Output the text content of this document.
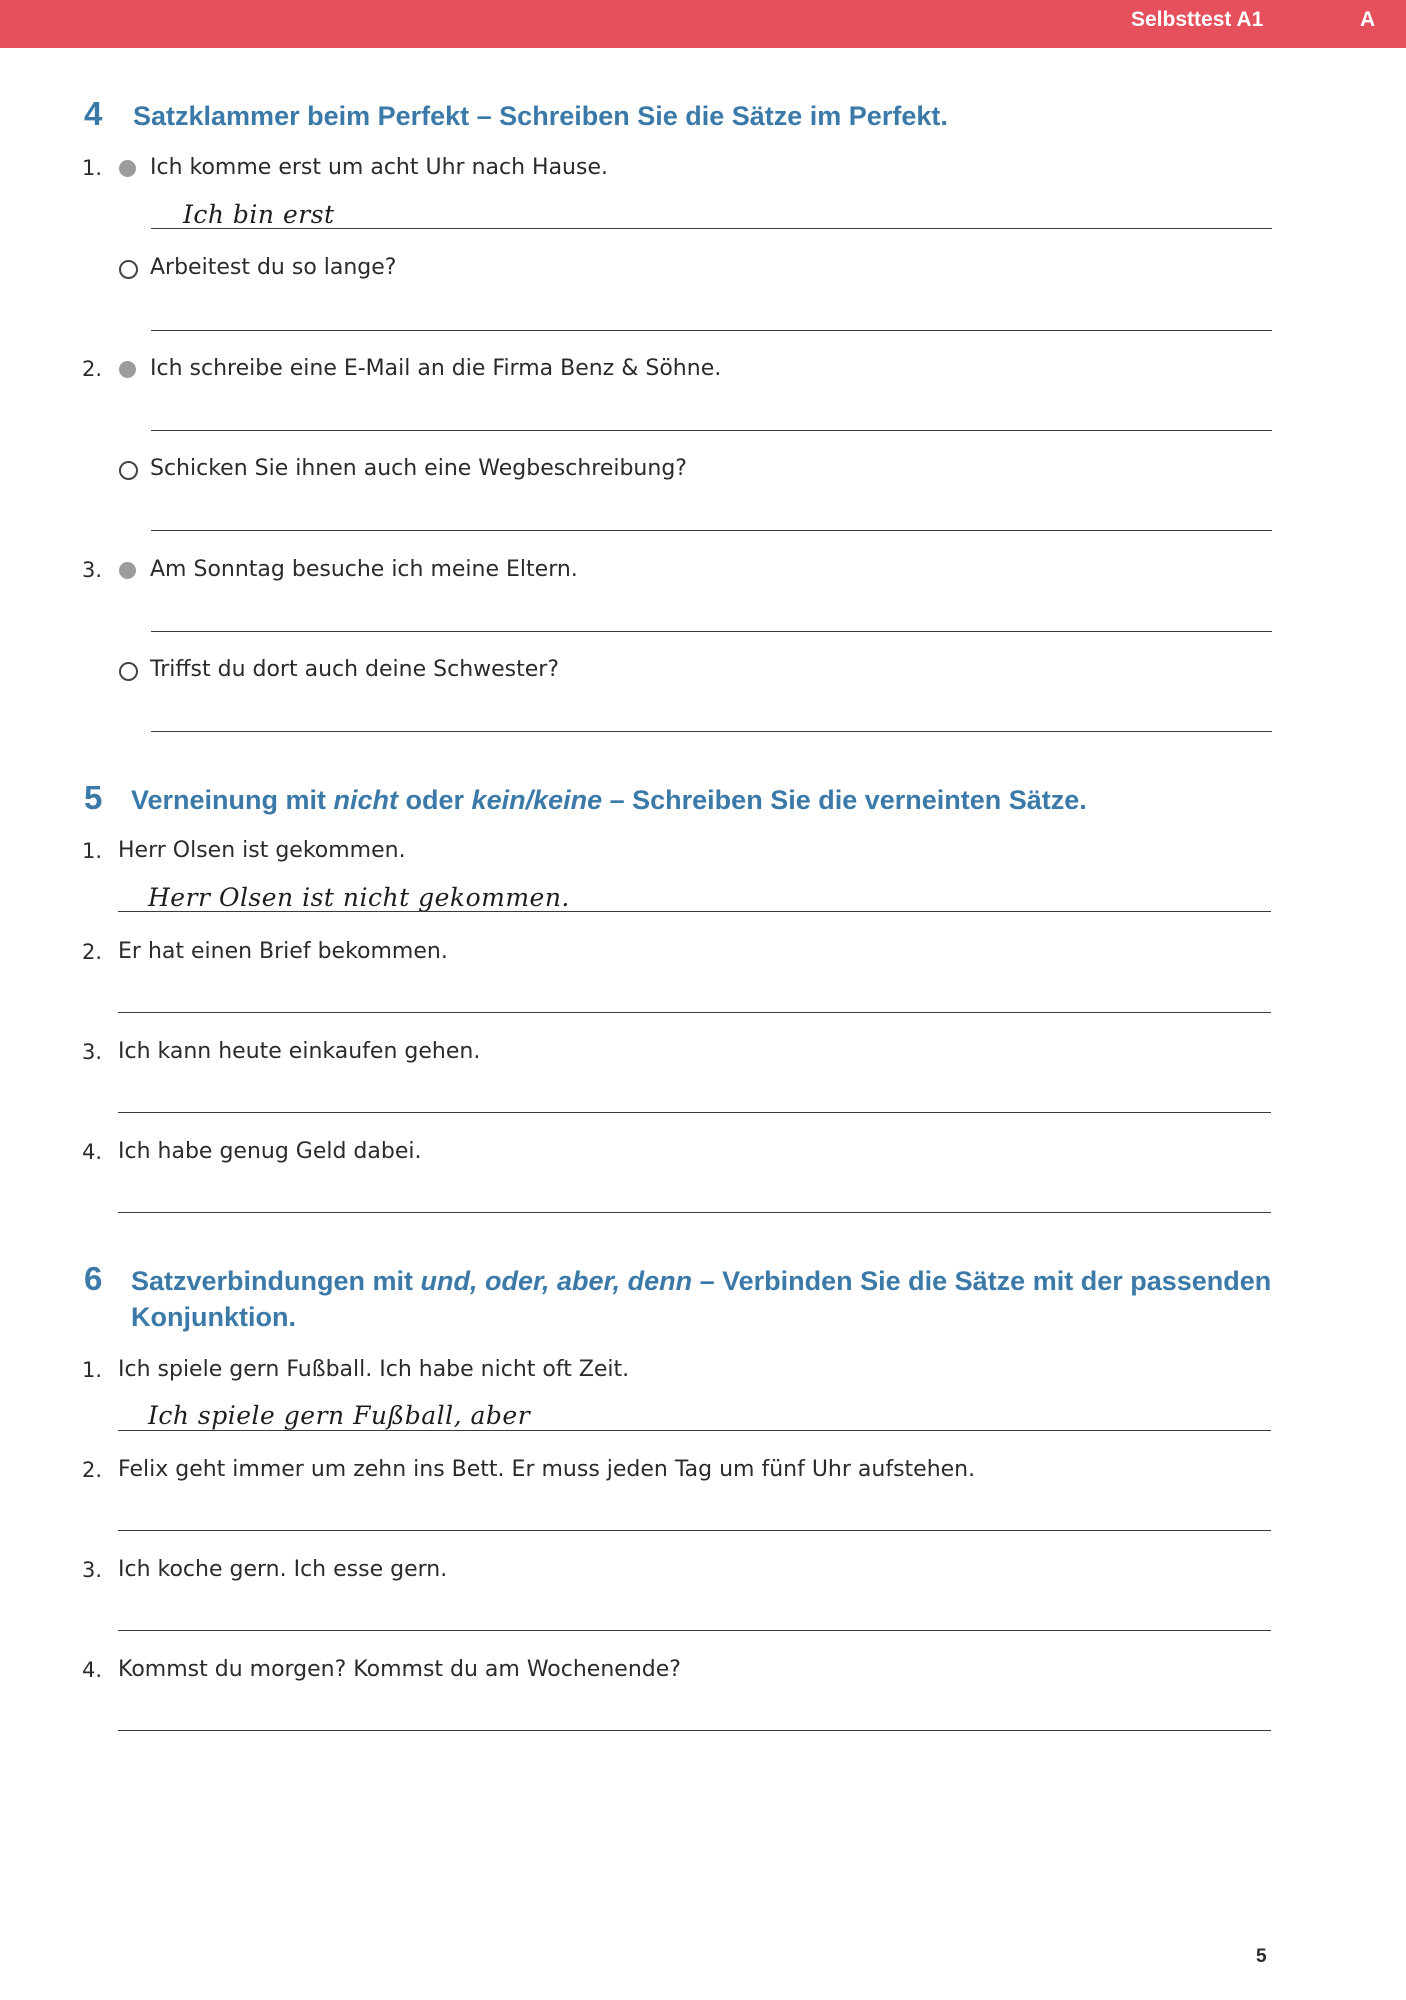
Selbsttest A1	A
4 Satzklammer beim Perfekt – Schreiben Sie die Sätze im Perfekt.
1. Ich komme erst um acht Uhr nach Hause.
Ich bin erst
Arbeitest du so lange?
2. Ich schreibe eine E-Mail an die Firma Benz & Söhne.
Schicken Sie ihnen auch eine Wegbeschreibung?
3. Am Sonntag besuche ich meine Eltern.
Triffst du dort auch deine Schwester?
5 Verneinung mit nicht oder kein/keine – Schreiben Sie die verneinten Sätze.
1. Herr Olsen ist gekommen.
Herr Olsen ist nicht gekommen.
2. Er hat einen Brief bekommen.
3. Ich kann heute einkaufen gehen.
4. Ich habe genug Geld dabei.
6 Satzverbindungen mit und, oder, aber, denn – Verbinden Sie die Sätze mit der passenden
Konjunktion.
1. Ich spiele gern Fußball. Ich habe nicht oft Zeit.
Ich spiele gern Fußball, aber
2. Felix geht immer um zehn ins Bett. Er muss jeden Tag um fünf Uhr aufstehen.
3. Ich koche gern. Ich esse gern.
4. Kommst du morgen? Kommst du am Wochenende?
5
